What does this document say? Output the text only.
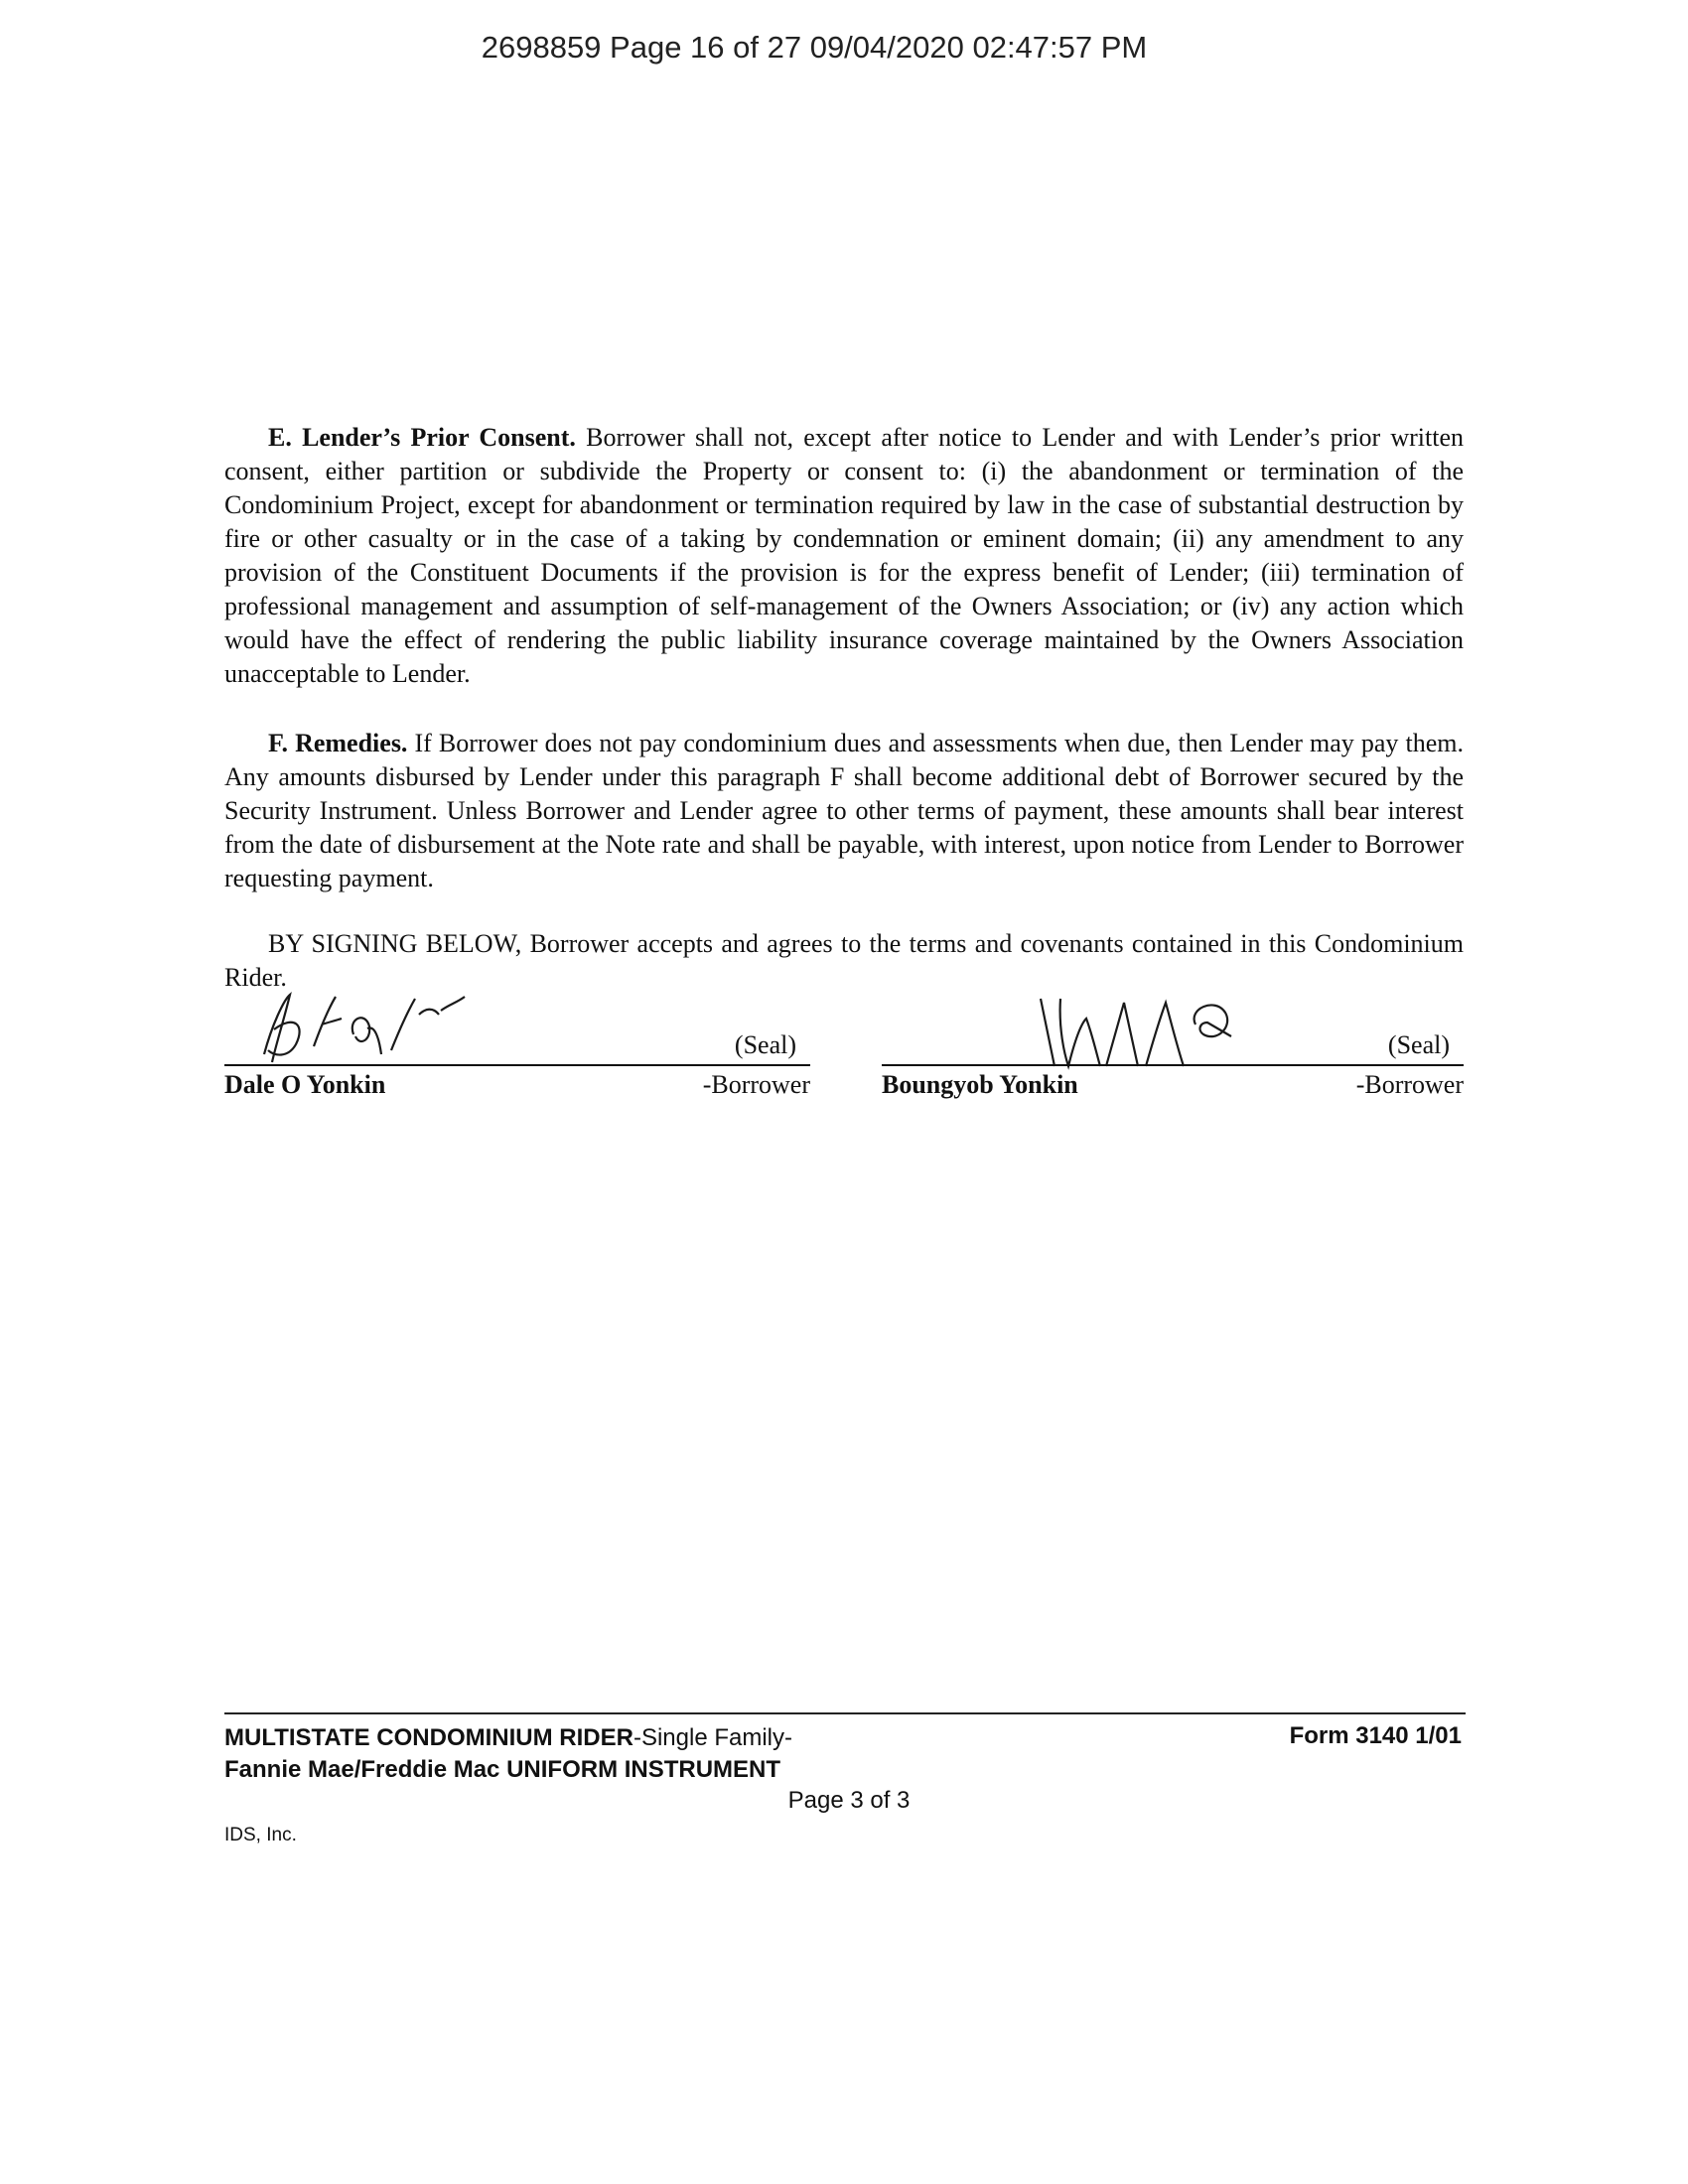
2698859 Page 16 of 27 09/04/2020 02:47:57 PM

E. Lender’s Prior Consent. Borrower shall not, except after notice to Lender and with Lender’s prior written consent, either partition or subdivide the Property or consent to: (i) the abandonment or termination of the Condominium Project, except for abandonment or termination required by law in the case of substantial destruction by fire or other casualty or in the case of a taking by condemnation or eminent domain; (ii) any amendment to any provision of the Constituent Documents if the provision is for the express benefit of Lender; (iii) termination of professional management and assumption of self-management of the Owners Association; or (iv) any action which would have the effect of rendering the public liability insurance coverage maintained by the Owners Association unacceptable to Lender.

F. Remedies. If Borrower does not pay condominium dues and assessments when due, then Lender may pay them. Any amounts disbursed by Lender under this paragraph F shall become additional debt of Borrower secured by the Security Instrument. Unless Borrower and Lender agree to other terms of payment, these amounts shall bear interest from the date of disbursement at the Note rate and shall be payable, with interest, upon notice from Lender to Borrower requesting payment.

BY SIGNING BELOW, Borrower accepts and agrees to the terms and covenants contained in this Condominium Rider.

(Seal)
Dale O Yonkin	-Borrower
(Seal)
Boungyob Yonkin	-Borrower
MULTISTATE CONDOMINIUM RIDER-Single Family-
Fannie Mae/Freddie Mac UNIFORM INSTRUMENT
Form 3140 1/01
Page 3 of 3
IDS, Inc.
